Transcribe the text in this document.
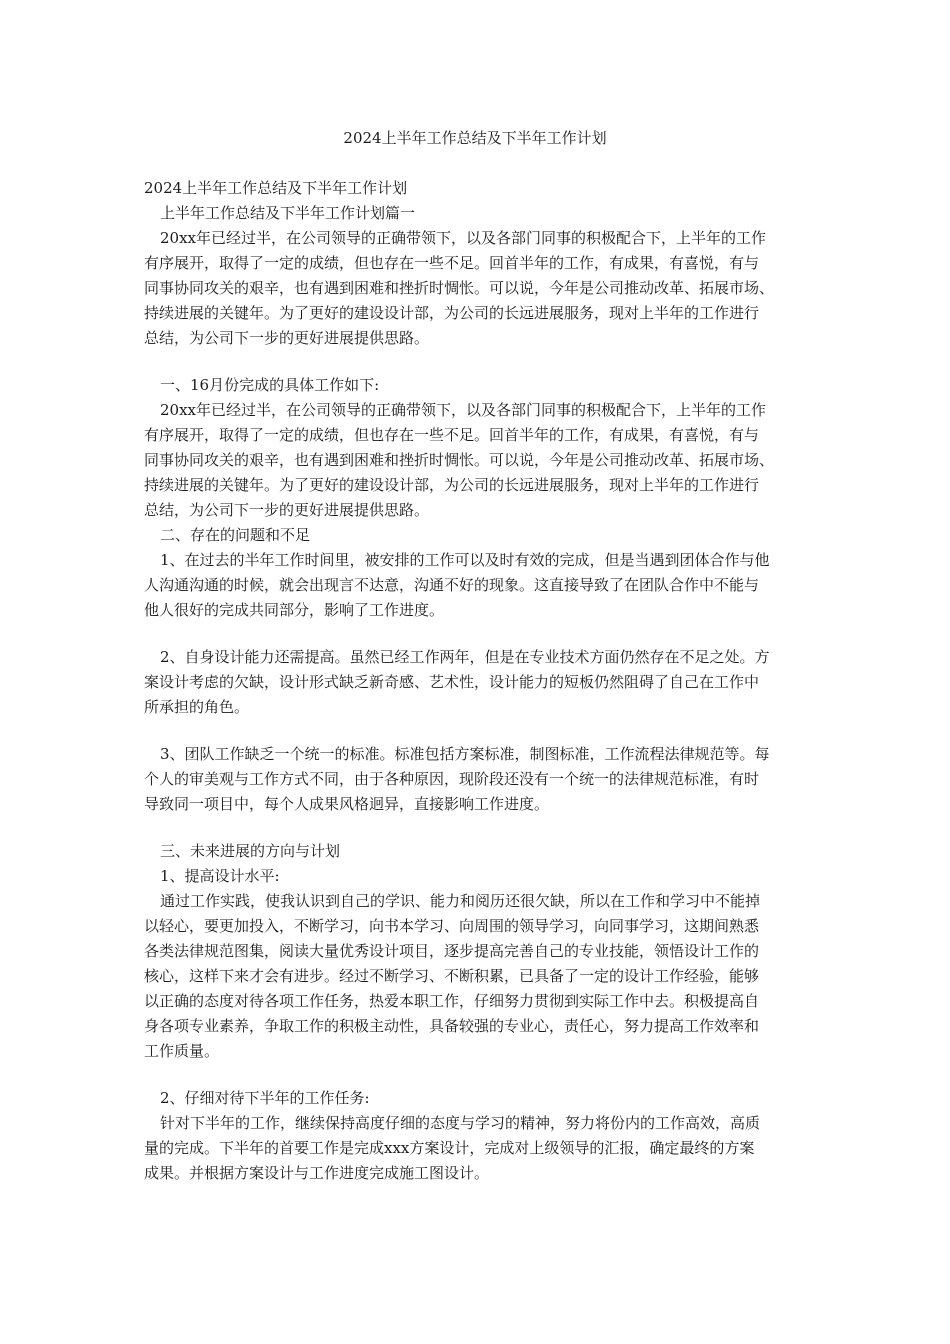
2024上半年工作总结及下半年工作计划

2024上半年工作总结及下半年工作计划

上半年工作总结及下半年工作计划篇一

20xx年已经过半，在公司领导的正确带领下，以及各部门同事的积极配合下，上半年的工作

有序展开，取得了一定的成绩，但也存在一些不足。回首半年的工作，有成果，有喜悦，有与

同事协同攻关的艰辛，也有遇到困难和挫折时惆怅。可以说，今年是公司推动改革、拓展市场、

持续进展的关键年。为了更好的建设设计部，为公司的长远进展服务，现对上半年的工作进行

总结，为公司下一步的更好进展提供思路。

一、16月份完成的具体工作如下:

20xx年已经过半，在公司领导的正确带领下，以及各部门同事的积极配合下，上半年的工作

有序展开，取得了一定的成绩，但也存在一些不足。回首半年的工作，有成果，有喜悦，有与

同事协同攻关的艰辛，也有遇到困难和挫折时惆怅。可以说，今年是公司推动改革、拓展市场、

持续进展的关键年。为了更好的建设设计部，为公司的长远进展服务，现对上半年的工作进行

总结，为公司下一步的更好进展提供思路。

二、存在的问题和不足

1、在过去的半年工作时间里，被安排的工作可以及时有效的完成，但是当遇到团体合作与他

人沟通沟通的时候，就会出现言不达意，沟通不好的现象。这直接导致了在团队合作中不能与

他人很好的完成共同部分，影响了工作进度。

2、自身设计能力还需提高。虽然已经工作两年，但是在专业技术方面仍然存在不足之处。方

案设计考虑的欠缺，设计形式缺乏新奇感、艺术性，设计能力的短板仍然阻碍了自己在工作中

所承担的角色。

3、团队工作缺乏一个统一的标准。标准包括方案标准，制图标准，工作流程法律规范等。每

个人的审美观与工作方式不同，由于各种原因，现阶段还没有一个统一的法律规范标准，有时

导致同一项目中，每个人成果风格迥异，直接影响工作进度。

三、未来进展的方向与计划

1、提高设计水平:

通过工作实践，使我认识到自己的学识、能力和阅历还很欠缺，所以在工作和学习中不能掉

以轻心，要更加投入，不断学习，向书本学习、向周围的领导学习，向同事学习，这期间熟悉

各类法律规范图集，阅读大量优秀设计项目，逐步提高完善自己的专业技能，领悟设计工作的

核心，这样下来才会有进步。经过不断学习、不断积累，已具备了一定的设计工作经验，能够

以正确的态度对待各项工作任务，热爱本职工作，仔细努力贯彻到实际工作中去。积极提高自

身各项专业素养，争取工作的积极主动性，具备较强的专业心，责任心，努力提高工作效率和

工作质量。

2、仔细对待下半年的工作任务:

针对下半年的工作，继续保持高度仔细的态度与学习的精神，努力将份内的工作高效，高质

量的完成。下半年的首要工作是完成xxx方案设计，完成对上级领导的汇报，确定最终的方案

成果。并根据方案设计与工作进度完成施工图设计。
